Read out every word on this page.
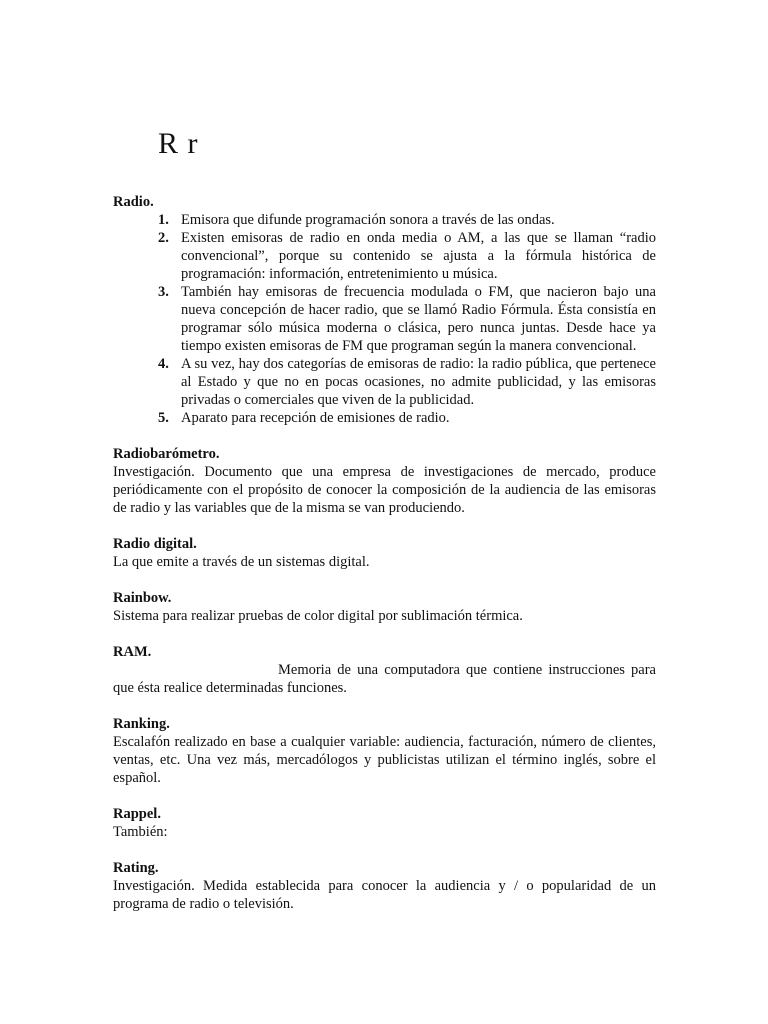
R r
Radio.
1. Emisora que difunde programación sonora a través de las ondas.
2. Existen emisoras de radio en onda media o AM, a las que se llaman “radio convencional”, porque su contenido se ajusta a la fórmula histórica de programación: información, entretenimiento u música.
3. También hay emisoras de frecuencia modulada o FM, que nacieron bajo una nueva concepción de hacer radio, que se llamó Radio Fórmula. Ésta consistía en programar sólo música moderna o clásica, pero nunca juntas. Desde hace ya tiempo existen emisoras de FM que programan según la manera convencional.
4. A su vez, hay dos categorías de emisoras de radio: la radio pública, que pertenece al Estado y que no en pocas ocasiones, no admite publicidad, y las emisoras privadas o comerciales que viven de la publicidad.
5. Aparato para recepción de emisiones de radio.
Radiobarómetro.
Investigación. Documento que una empresa de investigaciones de mercado, produce periódicamente con el propósito de conocer la composición de la audiencia de las emisoras de radio y las variables que de la misma se van produciendo.
Radio digital.
La que emite a través de un sistemas digital.
Rainbow.
Sistema para realizar pruebas de color digital por sublimación térmica.
RAM.
Memoria de una computadora que contiene instrucciones para que ésta realice determinadas funciones.
Ranking.
Escalafón realizado en base a cualquier variable: audiencia, facturación, número de clientes, ventas, etc. Una vez más, mercadólogos y publicistas utilizan el término inglés, sobre el español.
Rappel.
También:
Rating.
Investigación. Medida establecida para conocer la audiencia y / o popularidad de un programa de radio o televisión.
